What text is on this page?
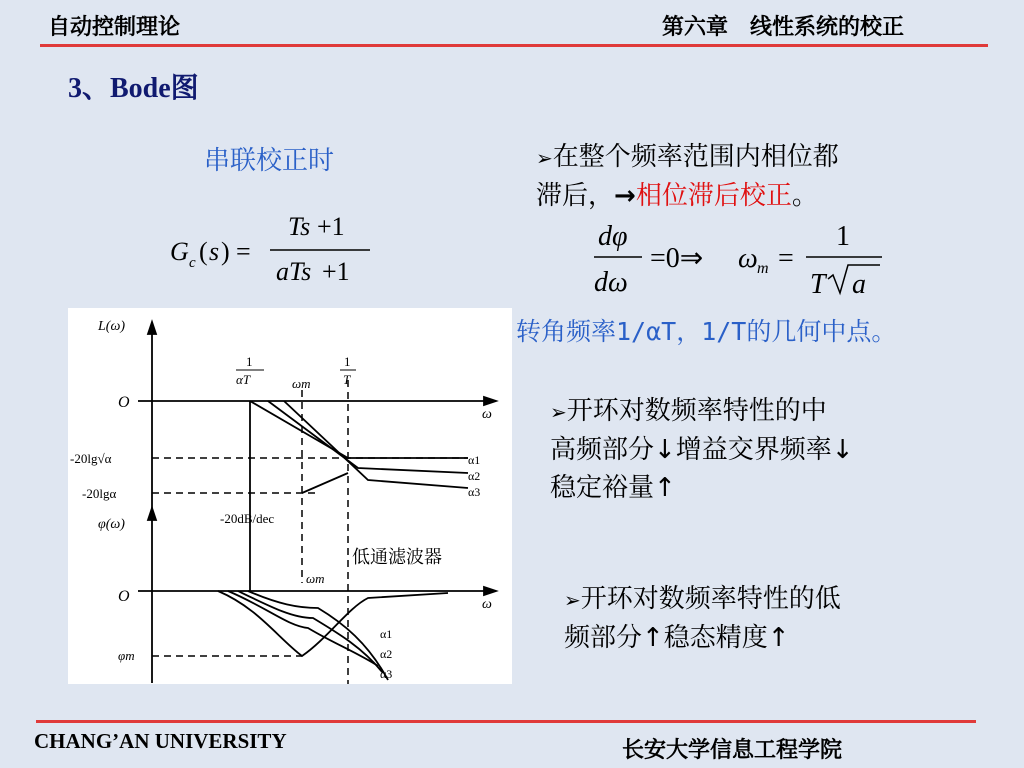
自动控制理论	第六章　线性系统的校正
3、Bode图
串联校正时
G c ( s ) =
Ts +1
aTs +1
➢在整个频率范围内相位都
滞后，→相位滞后校正。
dφ
dω
=0⇒ ω m =
1
T a
转角频率1/αT，1/T的几何中点。
➢开环对数频率特性的中
高频部分↓增益交界频率↓
稳定裕量↑
➢开环对数频率特性的低
频部分↑稳态精度↑
L(ω)
φ(ω)
O
O
ω
ω
1
αT	ωm
1
T
-20lg√α
-20lgα
-20dB/dec
低通滤波器
ωm
φm
α1
α2
α3
α1
α2
α3
CHANG’AN UNIVERSITY	长安大学信息工程学院
